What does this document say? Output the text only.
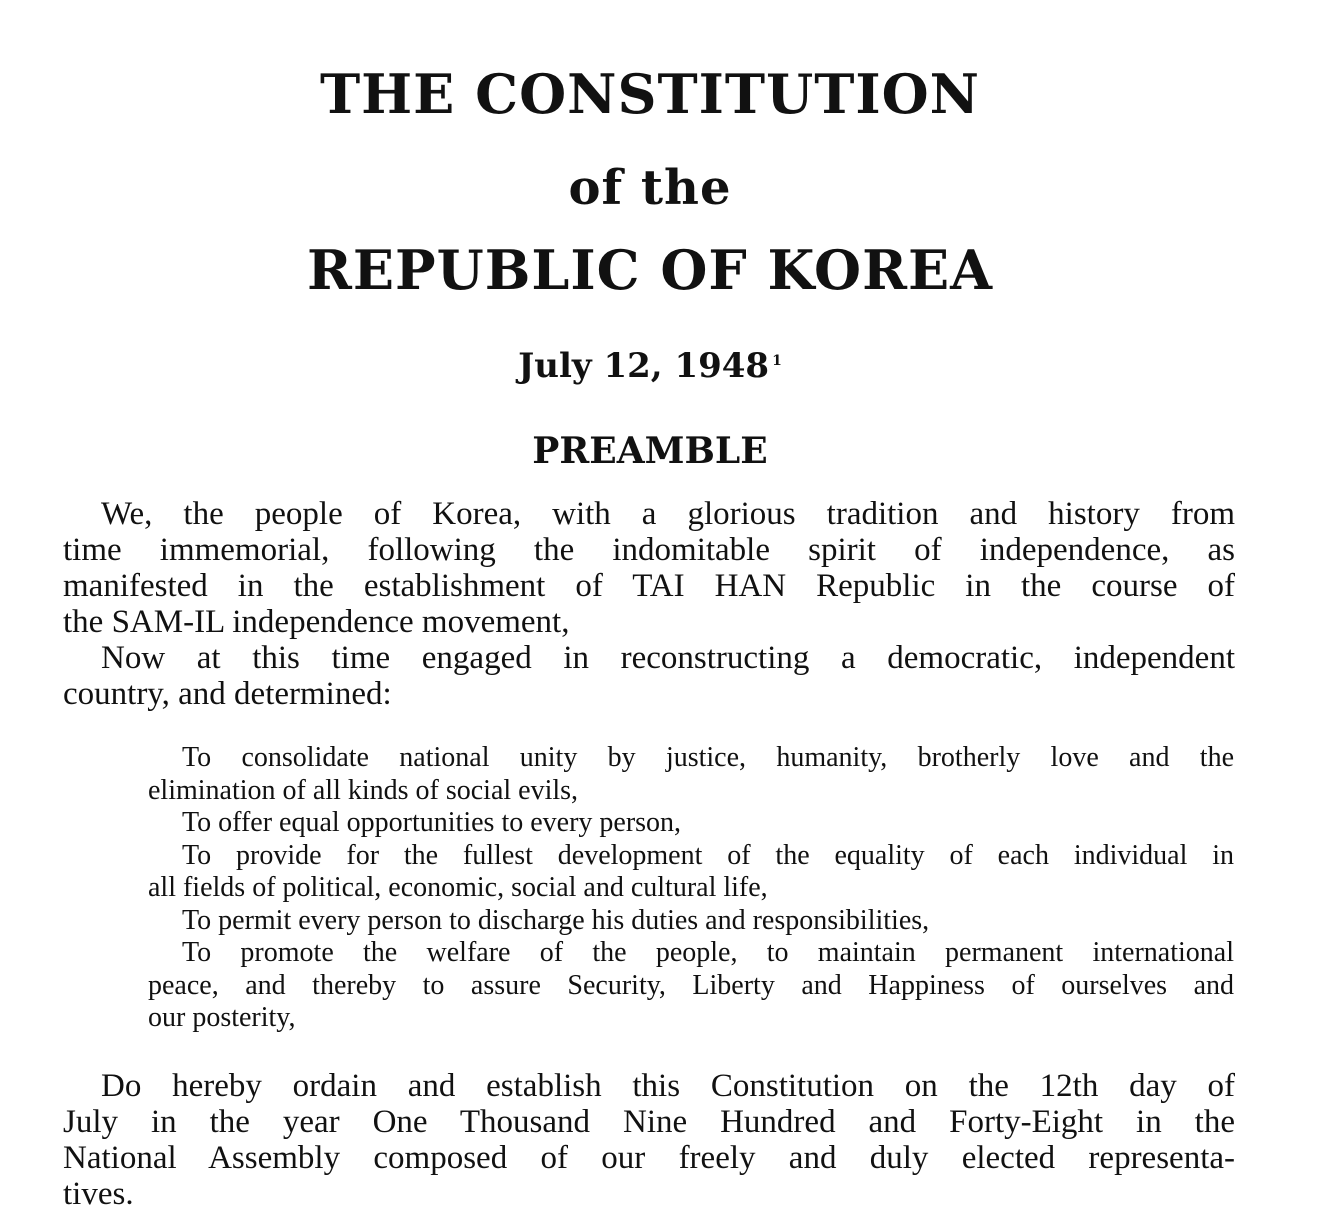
THE CONSTITUTION
of the
REPUBLIC OF KOREA
July 12, 1948 $^1$
PREAMBLE
We, the people of Korea, with a glorious tradition and history from
time immemorial, following the indomitable spirit of independence, as
manifested in the establishment of TAI HAN Republic in the course of
the SAM-IL independence movement,
Now at this time engaged in reconstructing a democratic, independent
country, and determined:
To consolidate national unity by justice, humanity, brotherly love and the
elimination of all kinds of social evils,
To offer equal opportunities to every person,
To provide for the fullest development of the equality of each individual in
all fields of political, economic, social and cultural life,
To permit every person to discharge his duties and responsibilities,
To promote the welfare of the people, to maintain permanent international
peace, and thereby to assure Security, Liberty and Happiness of ourselves and
our posterity,
Do hereby ordain and establish this Constitution on the 12th day of
July in the year One Thousand Nine Hundred and Forty-Eight in the
National Assembly composed of our freely and duly elected representa-
tives.
